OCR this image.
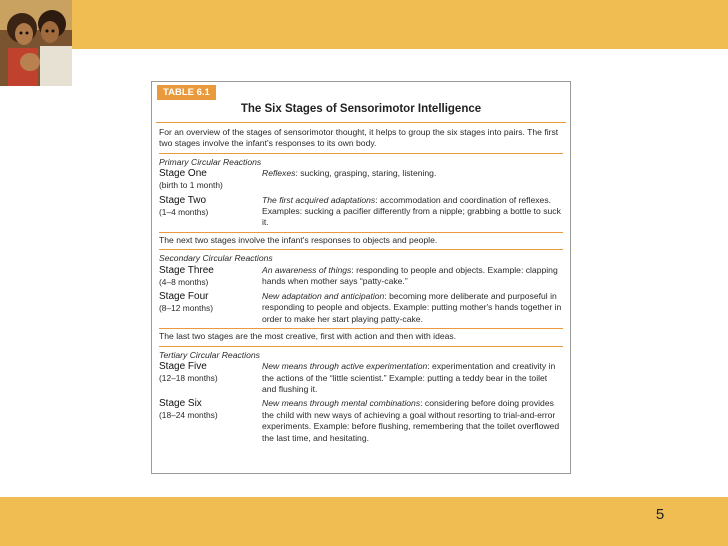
TABLE 6.1
The Six Stages of Sensorimotor Intelligence
For an overview of the stages of sensorimotor thought, it helps to group the six stages into pairs. The first two stages involve the infant's responses to its own body.
Primary Circular Reactions
Stage One
(birth to 1 month)
Reflexes: sucking, grasping, staring, listening.
Stage Two
(1–4 months)
The first acquired adaptations: accommodation and coordination of reflexes. Examples: sucking a pacifier differently from a nipple; grabbing a bottle to suck it.
The next two stages involve the infant's responses to objects and people.
Secondary Circular Reactions
Stage Three
(4–8 months)
An awareness of things: responding to people and objects. Example: clapping hands when mother says “patty-cake.”
Stage Four
(8–12 months)
New adaptation and anticipation: becoming more deliberate and purposeful in responding to people and objects. Example: putting mother's hands together in order to make her start playing patty-cake.
The last two stages are the most creative, first with action and then with ideas.
Tertiary Circular Reactions
Stage Five
(12–18 months)
New means through active experimentation: experimentation and creativity in the actions of the “little scientist.” Example: putting a teddy bear in the toilet and flushing it.
Stage Six
(18–24 months)
New means through mental combinations: considering before doing provides the child with new ways of achieving a goal without resorting to trial-and-error experiments. Example: before flushing, remembering that the toilet overflowed the last time, and hesitating.
5
